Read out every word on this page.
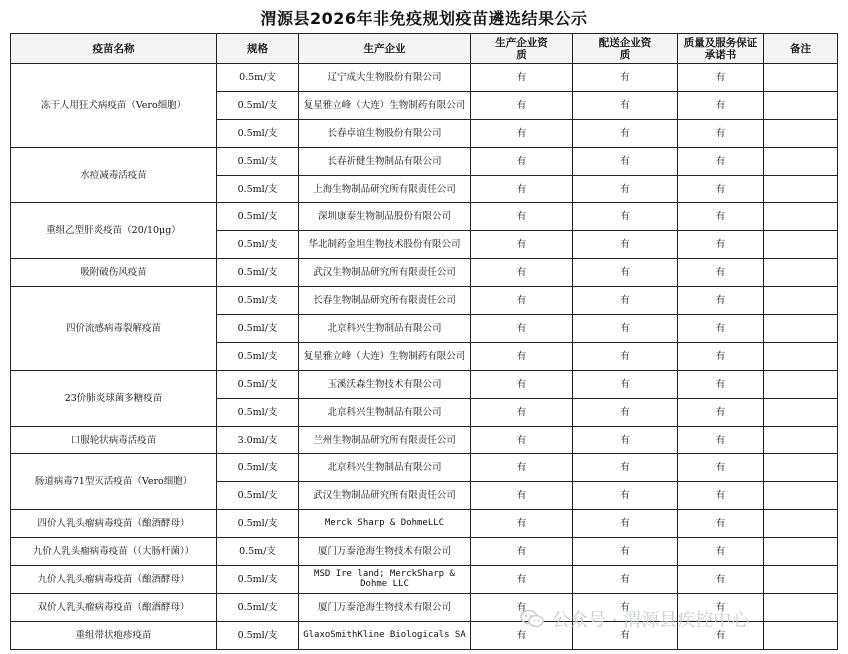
渭源县2026年非免疫规划疫苗遴选结果公示
疫苗名称	规格	生产企业	生产企业资质	配送企业资质	质量及服务保证承诺书	备注
冻干人用狂犬病疫苗（Vero细胞）	0.5m/支	辽宁成大生物股份有限公司	有	有	有	
	0.5ml/支	复星雅立峰（大连）生物制药有限公司	有	有	有	
	0.5ml/支	长春卓谊生物股份有限公司	有	有	有	
水痘减毒活疫苗	0.5ml/支	长春祈健生物制品有限公司	有	有	有	
	0.5ml/支	上海生物制品研究所有限责任公司	有	有	有	
重组乙型肝炎疫苗（20/10μg）	0.5ml/支	深圳康泰生物制品股份有限公司	有	有	有	
	0.5ml/支	华北制药金坦生物技术股份有限公司	有	有	有	
吸附破伤风疫苗	0.5ml/支	武汉生物制品研究所有限责任公司	有	有	有	
四价流感病毒裂解疫苗	0.5ml/支	长春生物制品研究所有限责任公司	有	有	有	
	0.5ml/支	北京科兴生物制品有限公司	有	有	有	
	0.5ml/支	复星雅立峰（大连）生物制药有限公司	有	有	有	
23价肺炎球菌多糖疫苗	0.5ml/支	玉溪沃森生物技术有限公司	有	有	有	
	0.5ml/支	北京科兴生物制品有限公司	有	有	有	
口服轮状病毒活疫苗	3.0ml/支	兰州生物制品研究所有限责任公司	有	有	有	
肠道病毒71型灭活疫苗（Vero细胞）	0.5ml/支	北京科兴生物制品有限公司	有	有	有	
	0.5ml/支	武汉生物制品研究所有限责任公司	有	有	有	
四价人乳头瘤病毒疫苗（酿酒酵母）	0.5ml/支	Merck Sharp & DohmeLLC	有	有	有	
九价人乳头瘤病毒疫苗（（大肠杆菌））	0.5m/支	厦门万泰沧海生物技术有限公司	有	有	有	
九价人乳头瘤病毒疫苗（酿酒酵母）	0.5ml/支	MSD Ire land; MerckSharp & Dohme LLC	有	有	有	
双价人乳头瘤病毒疫苗（酿酒酵母）	0.5ml/支	厦门万泰沧海生物技术有限公司	有	有	有	
重组带状疱疹疫苗	0.5ml/支	GlaxoSmithKline Biologicals SA	有	有	有	
公众号 · 渭源县疾控中心
